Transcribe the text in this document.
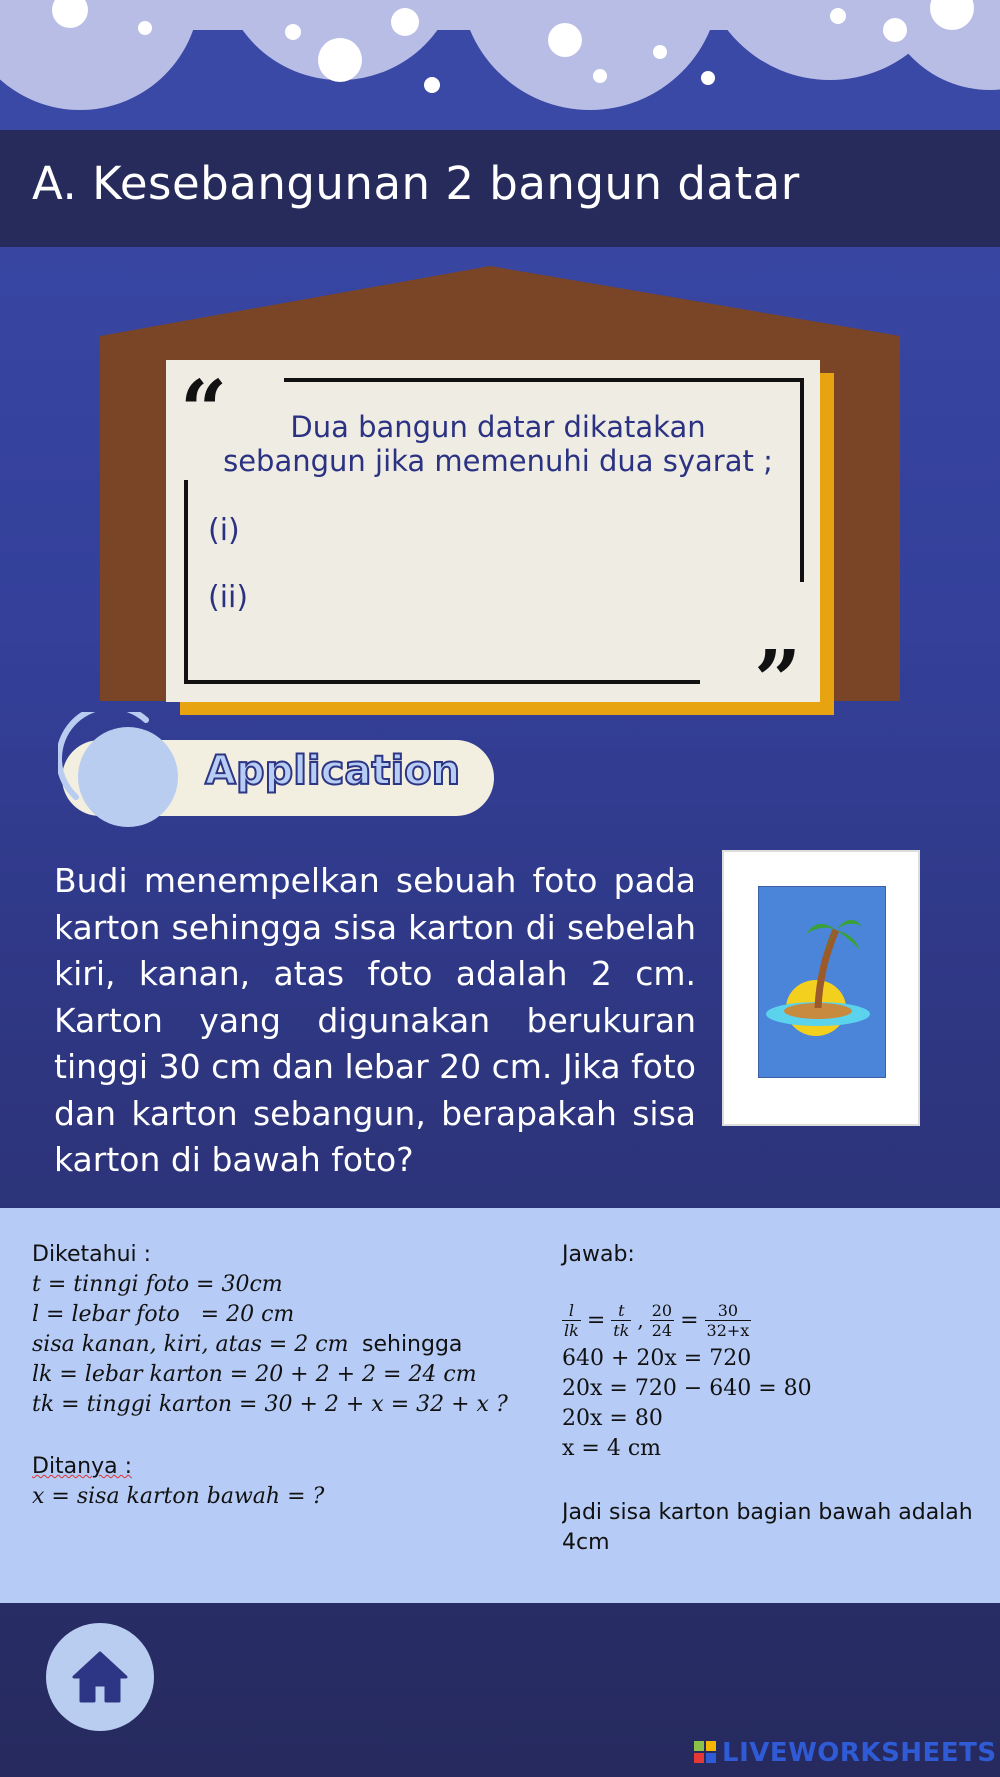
A. Kesebangunan 2 bangun datar
“
”
Dua bangun datar dikatakan
sebangun jika memenuhi dua syarat ;
(i)
(ii)
Application
Budi menempelkan sebuah foto pada karton sehingga sisa karton di sebelah kiri, kanan, atas foto adalah 2 cm. Karton yang digunakan berukuran tinggi 30 cm dan lebar 20 cm. Jika foto dan karton sebangun, berapakah sisa karton di bawah foto?
Diketahui :
t = tinngi foto = 30cm
l = lebar foto   = 20 cm
sisa kanan, kiri, atas = 2 cm sehingga
lk = lebar karton = 20 + 2 + 2 = 24 cm
tk = tinggi karton = 30 + 2 + x = 32 + x ?
Ditanya :
x = sisa karton bawah = ?
Jawab:
$\frac{l}{lk} = \frac{t}{tk}$ , $\frac{20}{24} = \frac{30}{32+x}$
640 + 20x = 720
20x = 720 − 640 = 80
20x = 80
x = 4 cm
Jadi sisa karton bagian bawah adalah
4cm
LIVEWORKSHEETS
